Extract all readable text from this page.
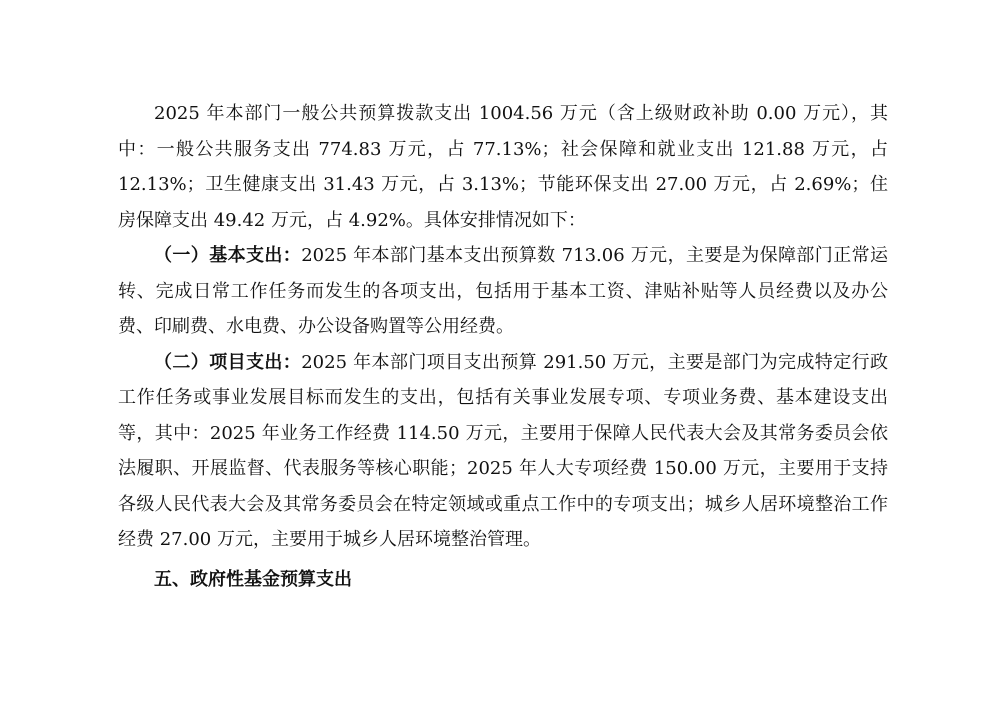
2025 年本部门一般公共预算拨款支出 1004.56 万元（含上级财政补助 0.00 万元），其中：一般公共服务支出 774.83 万元，占 77.13%；社会保障和就业支出 121.88 万元，占 12.13%；卫生健康支出 31.43 万元，占 3.13%；节能环保支出 27.00 万元，占 2.69%；住房保障支出 49.42 万元，占 4.92%。具体安排情况如下：

（一）基本支出：2025 年本部门基本支出预算数 713.06 万元，主要是为保障部门正常运转、完成日常工作任务而发生的各项支出，包括用于基本工资、津贴补贴等人员经费以及办公费、印刷费、水电费、办公设备购置等公用经费。

（二）项目支出：2025 年本部门项目支出预算 291.50 万元，主要是部门为完成特定行政工作任务或事业发展目标而发生的支出，包括有关事业发展专项、专项业务费、基本建设支出等，其中：2025 年业务工作经费 114.50 万元，主要用于保障人民代表大会及其常务委员会依法履职、开展监督、代表服务等核心职能；2025 年人大专项经费 150.00 万元，主要用于支持各级人民代表大会及其常务委员会在特定领域或重点工作中的专项支出；城乡人居环境整治工作经费 27.00 万元，主要用于城乡人居环境整治管理。

五、政府性基金预算支出
